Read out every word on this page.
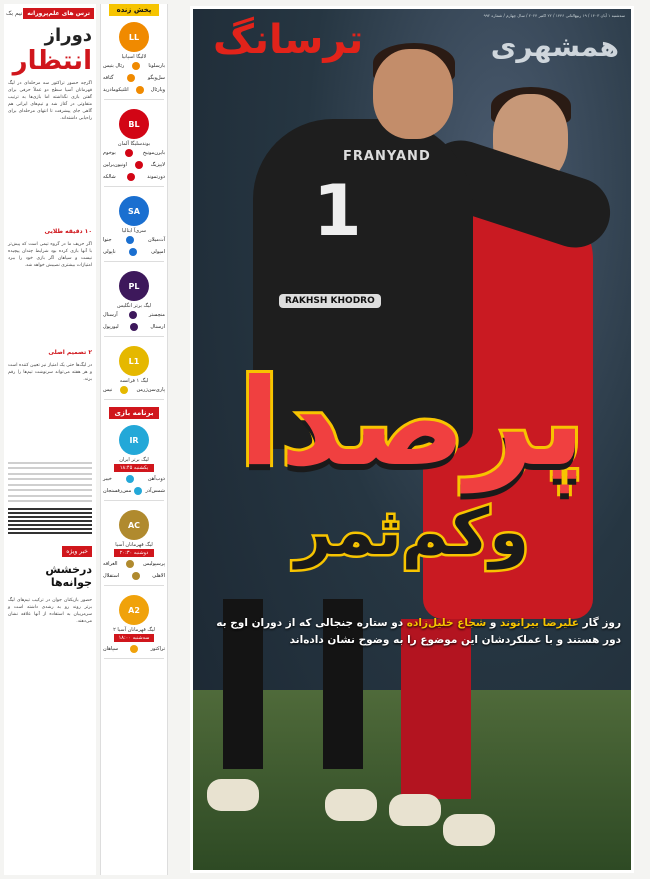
ترس های علم‌پرورانه
نیم بک
دوراز
انتظار
اگرچه حضور تراکتور سه مرحله‌ای در لیگ قهرمانان آسیا سطح دو عملاً حرفی برای گفتن بازی نگذاشته اما بازی‌ها به ترتیب متفاوتی در آغاز شد و تیم‌های ایرانی هم گاهی جای پیشرفت تا انتهای مرحله‌ای برای راه‌یابی داشته‌اند.
۱۰ دقیقه طلایی
اگر حریف ما در گروه تیمی است که پیش‌تر با آنها بازی کرده بود شرایط چندان پیچیده نیست و سپاهان اگر بازی خود را ببرد امتیازات بیشتری نصیبش خواهد شد.
۲ تصمیم اصلی
در لیگ‌ها حتی یک امتیاز نیز تعیین کننده است و هر هفته می‌تواند سرنوشت تیم‌ها را رقم بزند.
خبر ویژه
درخشش جوانه‌ها
حضور بازیکنان جوان در ترکیب تیم‌های لیگ برتر روند رو به رشدی داشته است و سرمربیان به استفاده از آنها علاقه نشان می‌دهند.
پخش زنده
LL
لالیگا اسپانیا
بارسلونا
رئال بتیس
سل‌ویگو
گتافه
ویارئال
اتلتیکومادرید
BL
بوندسلیگا آلمان
بایرن‌مونیخ
بوخوم
لایپزیگ
اونیون‌برلین
دورتموند
شالکه
SA
سری‌آ ایتالیا
آث‌میلان
جنوا
امپولی
ناپولی
PL
لیگ برتر انگلیس
منچستر
آرسنال
ارسنال
لیورپول
L1
لیگ ۱ فرانسه
پاری‌سن‌ژرمن
نیس
برنامه بازی
IR
لیگ برتر ایران
یکشنبه ۱۸:۴۵
ذوب‌آهن
خیبر
شمس‌آذر
مس‌رفسنجان
AC
لیگ قهرمانان آسیا
دوشنبه ۲۰:۳۰
پرسپولیس
الغرافه
الاهلی
استقلال
A2
لیگ قهرمانان آسیا ۲
سه‌شنبه ۱۸:۰۰
تراکتور
سپاهان
سه‌شنبه ۱ آبان ۱۴۰۳ / ۱۹ ربیع‌الثانی ۱۴۴۶ / ۲۲ اکتبر ۲۰۲۴ / سال چهارم / شماره ۹۹۲
ترسانگ	همشهری
FRANYAND
1
RAKHSH KHODRO
پرصدا
وکم‌ثمر
روز گار علیرضا بیرانوند و شجاع خلیل‌زاده دو ستاره جنجالی که از دوران اوج به دور هستند و با عملکردشان این موضوع را به وضوح نشان داده‌اند
